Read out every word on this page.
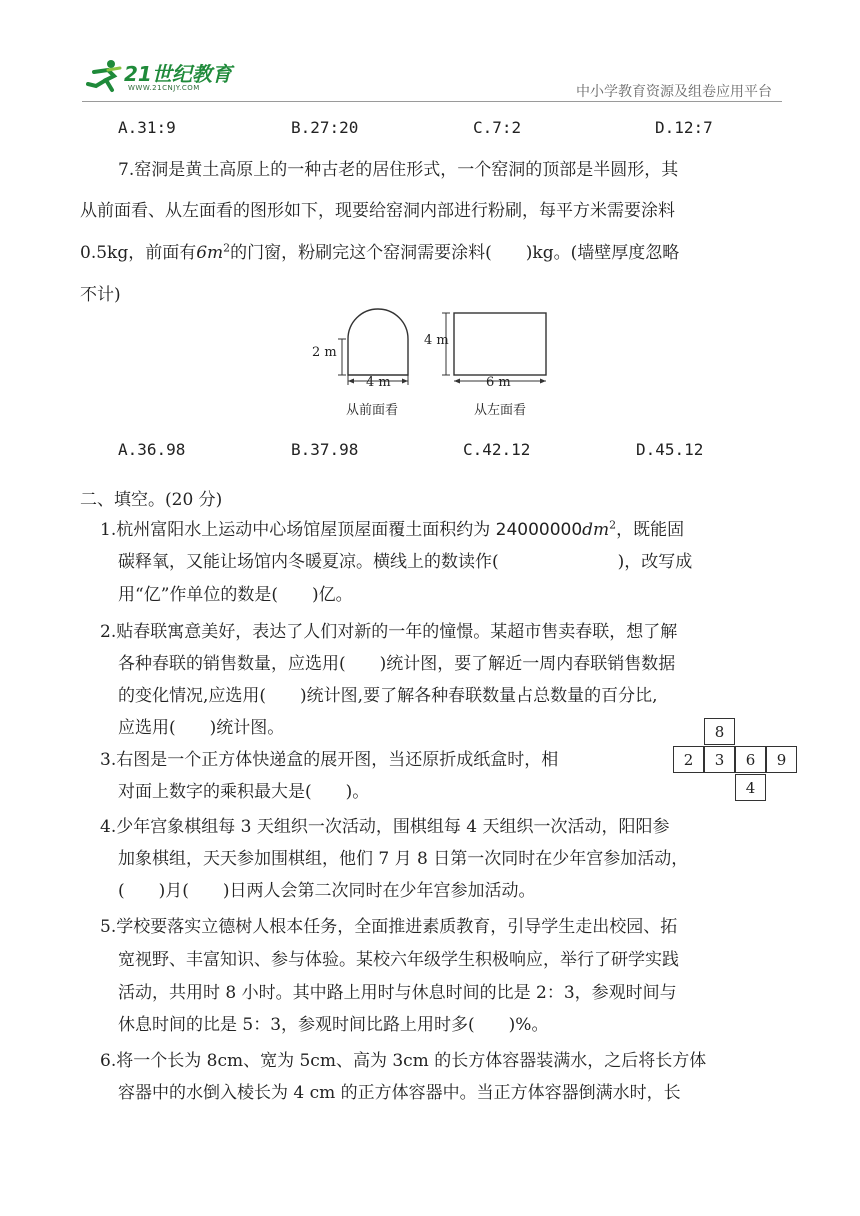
21世纪教育
WWW.21CNJY.COM	中小学教育资源及组卷应用平台
A.31:9	B.27:20	C.7:2	D.12:7
7.窑洞是黄土高原上的一种古老的居住形式，一个窑洞的顶部是半圆形，其
从前面看、从左面看的图形如下，现要给窑洞内部进行粉刷，每平方米需要涂料
0.5kg，前面有$6m^2$的门窗，粉刷完这个窑洞需要涂料(　　)kg。(墙壁厚度忽略
不计)
2 m
4 m
从前面看
4 m
6 m
从左面看
A.36.98	B.37.98	C.42.12	D.45.12
二、填空。(20 分)
1.杭州富阳水上运动中心场馆屋顶屋面覆土面积约为 $24000000dm^2$，既能固
碳释氧，又能让场馆内冬暖夏凉。横线上的数读作(　　　　　　　)，改写成
用“亿”作单位的数是(　　)亿。
2.贴春联寓意美好，表达了人们对新的一年的憧憬。某超市售卖春联，想了解
各种春联的销售数量，应选用(　　)统计图，要了解近一周内春联销售数据
的变化情况,应选用(　　)统计图,要了解各种春联数量占总数量的百分比,
应选用(　　)统计图。
3.右图是一个正方体快递盒的展开图，当还原折成纸盒时，相
对面上数字的乘积最大是(　　)。
8
2	3	6	9
4
4.少年宫象棋组每 3 天组织一次活动，围棋组每 4 天组织一次活动，阳阳参
加象棋组，天天参加围棋组，他们 7 月 8 日第一次同时在少年宫参加活动，
(　　)月(　　)日两人会第二次同时在少年宫参加活动。
5.学校要落实立德树人根本任务，全面推进素质教育，引导学生走出校园、拓
宽视野、丰富知识、参与体验。某校六年级学生积极响应，举行了研学实践
活动，共用时 8 小时。其中路上用时与休息时间的比是 2：3，参观时间与
休息时间的比是 5：3，参观时间比路上用时多(　　)%。
6.将一个长为 8cm、宽为 5cm、高为 3cm 的长方体容器装满水，之后将长方体
容器中的水倒入棱长为 4 cm 的正方体容器中。当正方体容器倒满水时，长
